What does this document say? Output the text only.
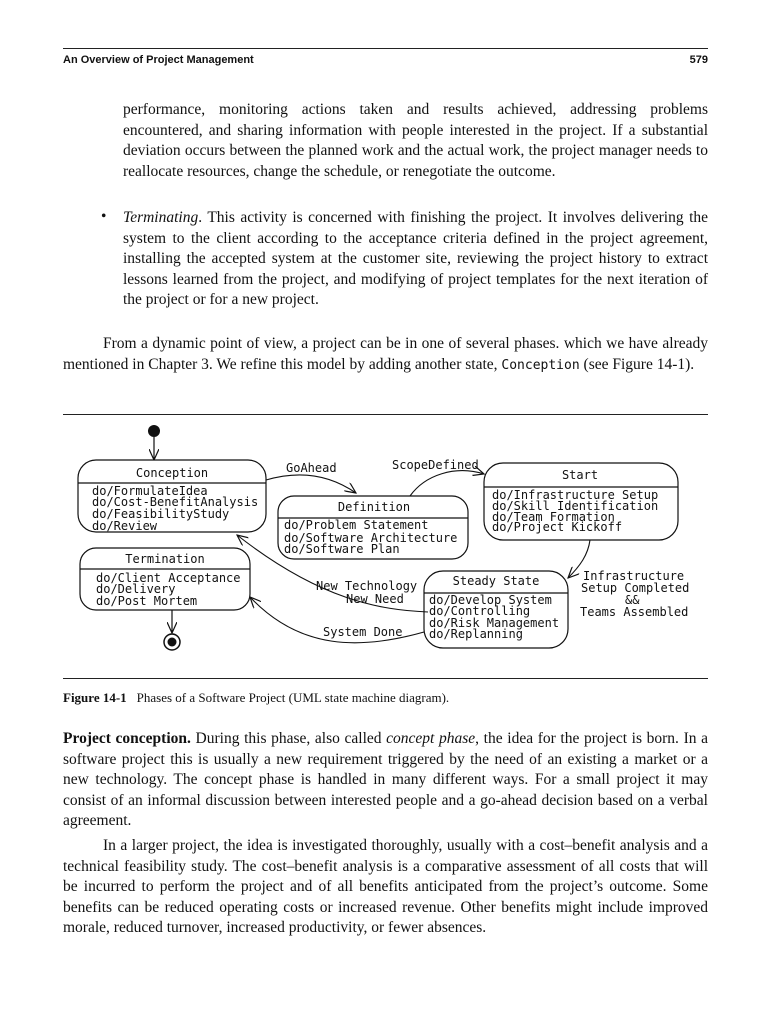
An Overview of Project Management	579
performance, monitoring actions taken and results achieved, addressing problems encountered, and sharing information with people interested in the project. If a substantial deviation occurs between the planned work and the actual work, the project manager needs to reallocate resources, change the schedule, or renegotiate the outcome.
• Terminating. This activity is concerned with finishing the project. It involves delivering the system to the client according to the acceptance criteria defined in the project agreement, installing the accepted system at the customer site, reviewing the project history to extract lessons learned from the project, and modifying of project templates for the next iteration of the project or for a new project.
From a dynamic point of view, a project can be in one of several phases. which we have already mentioned in Chapter 3. We refine this model by adding another state, Conception (see Figure 14-1).
Conception
do/FormulateIdea
do/Cost-BenefitAnalysis
do/FeasibilityStudy
do/Review
Definition
do/Problem Statement
do/Software Architecture
do/Software Plan
Start
do/Infrastructure Setup
do/Skill Identification
do/Team Formation
do/Project Kickoff
Steady State
do/Develop System
do/Controlling
do/Risk Management
do/Replanning
Termination
do/Client Acceptance
do/Delivery
do/Post Mortem
GoAhead	ScopeDefined
Infrastructure
Setup Completed
&&
Teams Assembled
New Technology
New Need
System Done
Figure 14-1 Phases of a Software Project (UML state machine diagram).
Project conception. During this phase, also called concept phase, the idea for the project is born. In a software project this is usually a new requirement triggered by the need of an existing a market or a new technology. The concept phase is handled in many different ways. For a small project it may consist of an informal discussion between interested people and a go-ahead decision based on a verbal agreement.
In a larger project, the idea is investigated thoroughly, usually with a cost–benefit analysis and a technical feasibility study. The cost–benefit analysis is a comparative assessment of all costs that will be incurred to perform the project and of all benefits anticipated from the project’s outcome. Some benefits can be reduced operating costs or increased revenue. Other benefits might include improved morale, reduced turnover, increased productivity, or fewer absences.
